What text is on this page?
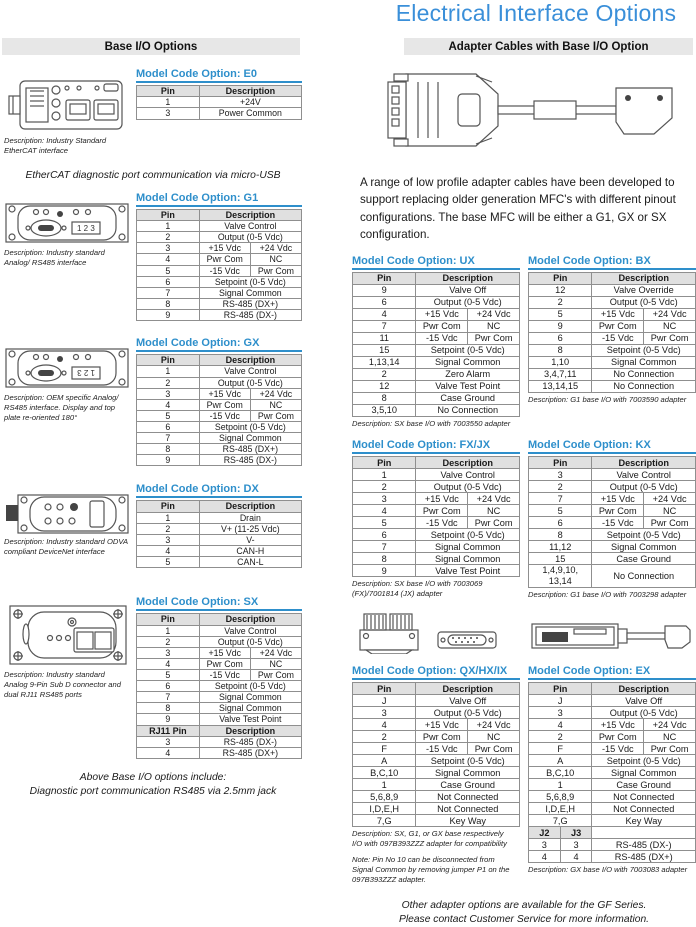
Electrical Interface Options
Base I/O Options	Adapter Cables with Base I/O Option
Description: Industry Standard EtherCAT interface
Model Code Option: E0
Pin	Description
1	+24V
3	Power Common
EtherCAT diagnostic port communication via micro-USB
1 2 3
Description: Industry standard Analog/ RS485 interface
Model Code Option: G1
Pin	Description	
1	Valve Control	
2	Output (0-5 Vdc)	
3	+15 Vdc	+24 Vdc
4	Pwr Com	NC
5	-15 Vdc	Pwr Com
6	Setpoint (0-5 Vdc)	
7	Signal Common	
8	RS-485 (DX+)	
9	RS-485 (DX-)	
1 2 3
Description: OEM specific Analog/ RS485 interface. Display and top plate re-oriented 180°
Model Code Option: GX
Pin	Description	
1	Valve Control	
2	Output (0-5 Vdc)	
3	+15 Vdc	+24 Vdc
4	Pwr Com	NC
5	-15 Vdc	Pwr Com
6	Setpoint (0-5 Vdc)	
7	Signal Common	
8	RS-485 (DX+)	
9	RS-485 (DX-)	
Description: Industry standard ODVA compliant DeviceNet interface
Model Code Option: DX
Pin	Description
1	Drain
2	V+ (11-25 Vdc)
3	V-
4	CAN-H
5	CAN-L
Description: Industry standard Analog 9-Pin Sub D connector and dual RJ11 RS485 ports
Model Code Option: SX
Pin	Description	
1	Valve Control	
2	Output (0-5 Vdc)	
3	+15 Vdc	+24 Vdc
4	Pwr Com	NC
5	-15 Vdc	Pwr Com
6	Setpoint (0-5 Vdc)	
7	Signal Common	
8	Signal Common	
9	Valve Test Point	
RJ11 Pin	Description	
3	RS-485 (DX-)	
4	RS-485 (DX+)	
Above Base I/O options include:
Diagnostic port communication RS485 via 2.5mm jack
A range of low profile adapter cables have been developed to support replacing older generation MFC's with different pinout configurations. The base MFC will be either a G1, GX or SX configuration.
Model Code Option: UX
Pin	Description	
9	Valve Off	
6	Output (0-5 Vdc)	
4	+15 Vdc	+24 Vdc
7	Pwr Com	NC
11	-15 Vdc	Pwr Com
15	Setpoint (0-5 Vdc)	
1,13,14	Signal Common	
2	Zero Alarm	
12	Valve Test Point	
8	Case Ground	
3,5,10	No Connection	
Description: SX base I/O with 7003550 adapter
Model Code Option: BX
Pin	Description	
12	Valve Override	
2	Output (0-5 Vdc)	
5	+15 Vdc	+24 Vdc
9	Pwr Com	NC
6	-15 Vdc	Pwr Com
8	Setpoint (0-5 Vdc)	
1,10	Signal Common	
3,4,7,11	No Connection	
13,14,15	No Connection	
Description: G1 base I/O with 7003590 adapter
Model Code Option: FX/JX
Pin	Description	
1	Valve Control	
2	Output (0-5 Vdc)	
3	+15 Vdc	+24 Vdc
4	Pwr Com	NC
5	-15 Vdc	Pwr Com
6	Setpoint (0-5 Vdc)	
7	Signal Common	
8	Signal Common	
9	Valve Test Point	
Description: SX base I/O with 7003069 (FX)/7001814 (JX) adapter
Model Code Option: KX
Pin	Description	
3	Valve Control	
2	Output (0-5 Vdc)	
7	+15 Vdc	+24 Vdc
5	Pwr Com	NC
6	-15 Vdc	Pwr Com
8	Setpoint (0-5 Vdc)	
11,12	Signal Common	
15	Case Ground	
1,4,9,10, 13,14	No Connection	
Description: G1 base I/O with 7003298 adapter
Model Code Option: QX/HX/IX
Pin	Description	
J	Valve Off	
3	Output (0-5 Vdc)	
4	+15 Vdc	+24 Vdc
2	Pwr Com	NC
F	-15 Vdc	Pwr Com
A	Setpoint (0-5 Vdc)	
B,C,10	Signal Common	
1	Case Ground	
5,6,8,9	Not Connected	
I,D,E,H	Not Connected	
7,G	Key Way	
Description: SX, G1, or GX base respectively I/O with 097B393ZZZ adapter for compatibility
Note: Pin No 10 can be disconnected from Signal Common by removing jumper P1 on the 097B393ZZZ adapter.
Model Code Option: EX
Pin		Description	
J		Valve Off	
3		Output (0-5 Vdc)	
4		+15 Vdc	+24 Vdc
2		Pwr Com	NC
F		-15 Vdc	Pwr Com
A		Setpoint (0-5 Vdc)	
B,C,10		Signal Common	
1		Case Ground	
5,6,8,9		Not Connected	
I,D,E,H		Not Connected	
7,G		Key Way	
J2	J3		
3	3	RS-485 (DX-)	
4	4	RS-485 (DX+)	
Description: GX base I/O with 7003083 adapter
Other adapter options are available for the GF Series.
Please contact Customer Service for more information.
